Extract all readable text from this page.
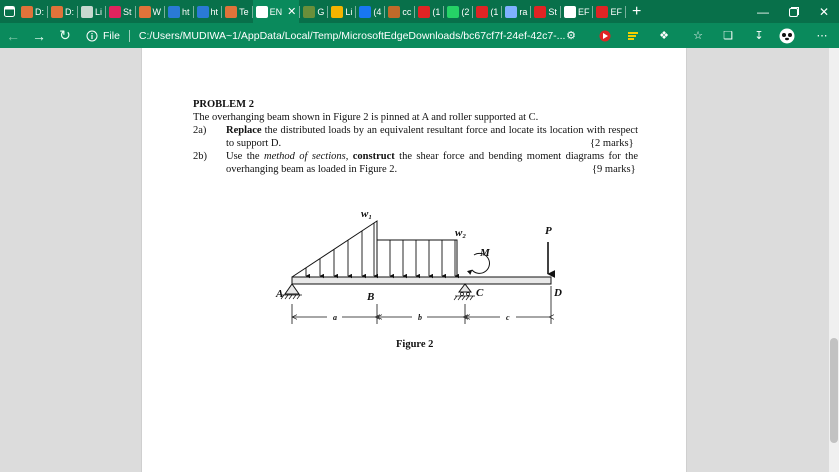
D: D: Li St W ht ht Te EN ✕ G Li (4 cc (1 (2 (1 ra St EF EF +	—	✕
← → ↻	File C:/Users/MUDIWA~1/AppData/Local/Temp/MicrosoftEdgeDownloads/bc67cf7f-24ef-42c7-... ⚙	❖ ☆ ❏ ↧	⋯
PROBLEM 2
The overhanging beam shown in Figure 2 is pinned at A and roller supported at C.
2a) Replace the distributed loads by an equivalent resultant force and locate its location with respect to support D.	{2 marks}
2b) Use the method of sections, construct the shear force and bending moment diagrams for the overhanging beam as loaded in Figure 2.	{9 marks}
w₁
w₂	P
M
A	B	C	D
a	b	c
Figure 2
